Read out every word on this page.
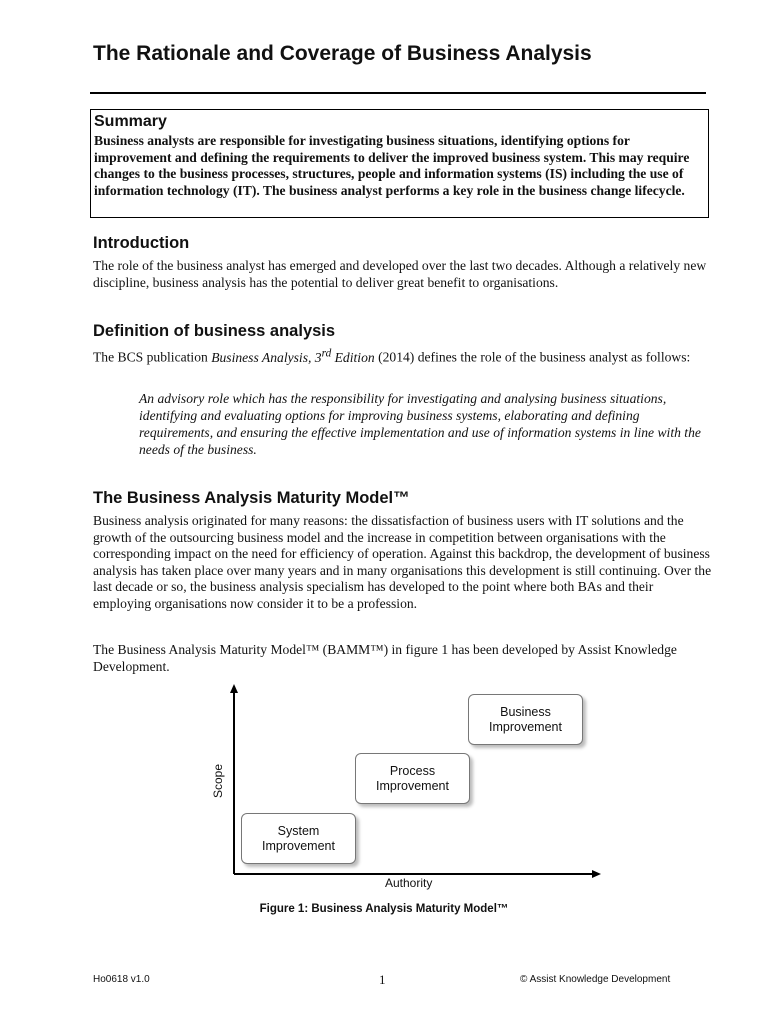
The Rationale and Coverage of Business Analysis
Summary

Business analysts are responsible for investigating business situations, identifying options for improvement and defining the requirements to deliver the improved business system. This may require changes to the business processes, structures, people and information systems (IS) including the use of information technology (IT). The business analyst performs a key role in the business change lifecycle.

Introduction

The role of the business analyst has emerged and developed over the last two decades. Although a relatively new discipline, business analysis has the potential to deliver great benefit to organisations.

Definition of business analysis

The BCS publication Business Analysis, 3rd Edition (2014) defines the role of the business analyst as follows:

An advisory role which has the responsibility for investigating and analysing business situations, identifying and evaluating options for improving business systems, elaborating and defining requirements, and ensuring the effective implementation and use of information systems in line with the needs of the business.

The Business Analysis Maturity Model™

Business analysis originated for many reasons: the dissatisfaction of business users with IT solutions and the growth of the outsourcing business model and the increase in competition between organisations with the corresponding impact on the need for efficiency of operation. Against this backdrop, the development of business analysis has taken place over many years and in many organisations this development is still continuing. Over the last decade or so, the business analysis specialism has developed to the point where both BAs and their employing organisations now consider it to be a profession.

The Business Analysis Maturity Model™ (BAMM™) in figure 1 has been developed by Assist Knowledge Development.

System
Improvement
Process
Improvement
Business
Improvement
Authority
Scope

Figure 1: Business Analysis Maturity Model™

Ho0618 v1.0	1	© Assist Knowledge Development
